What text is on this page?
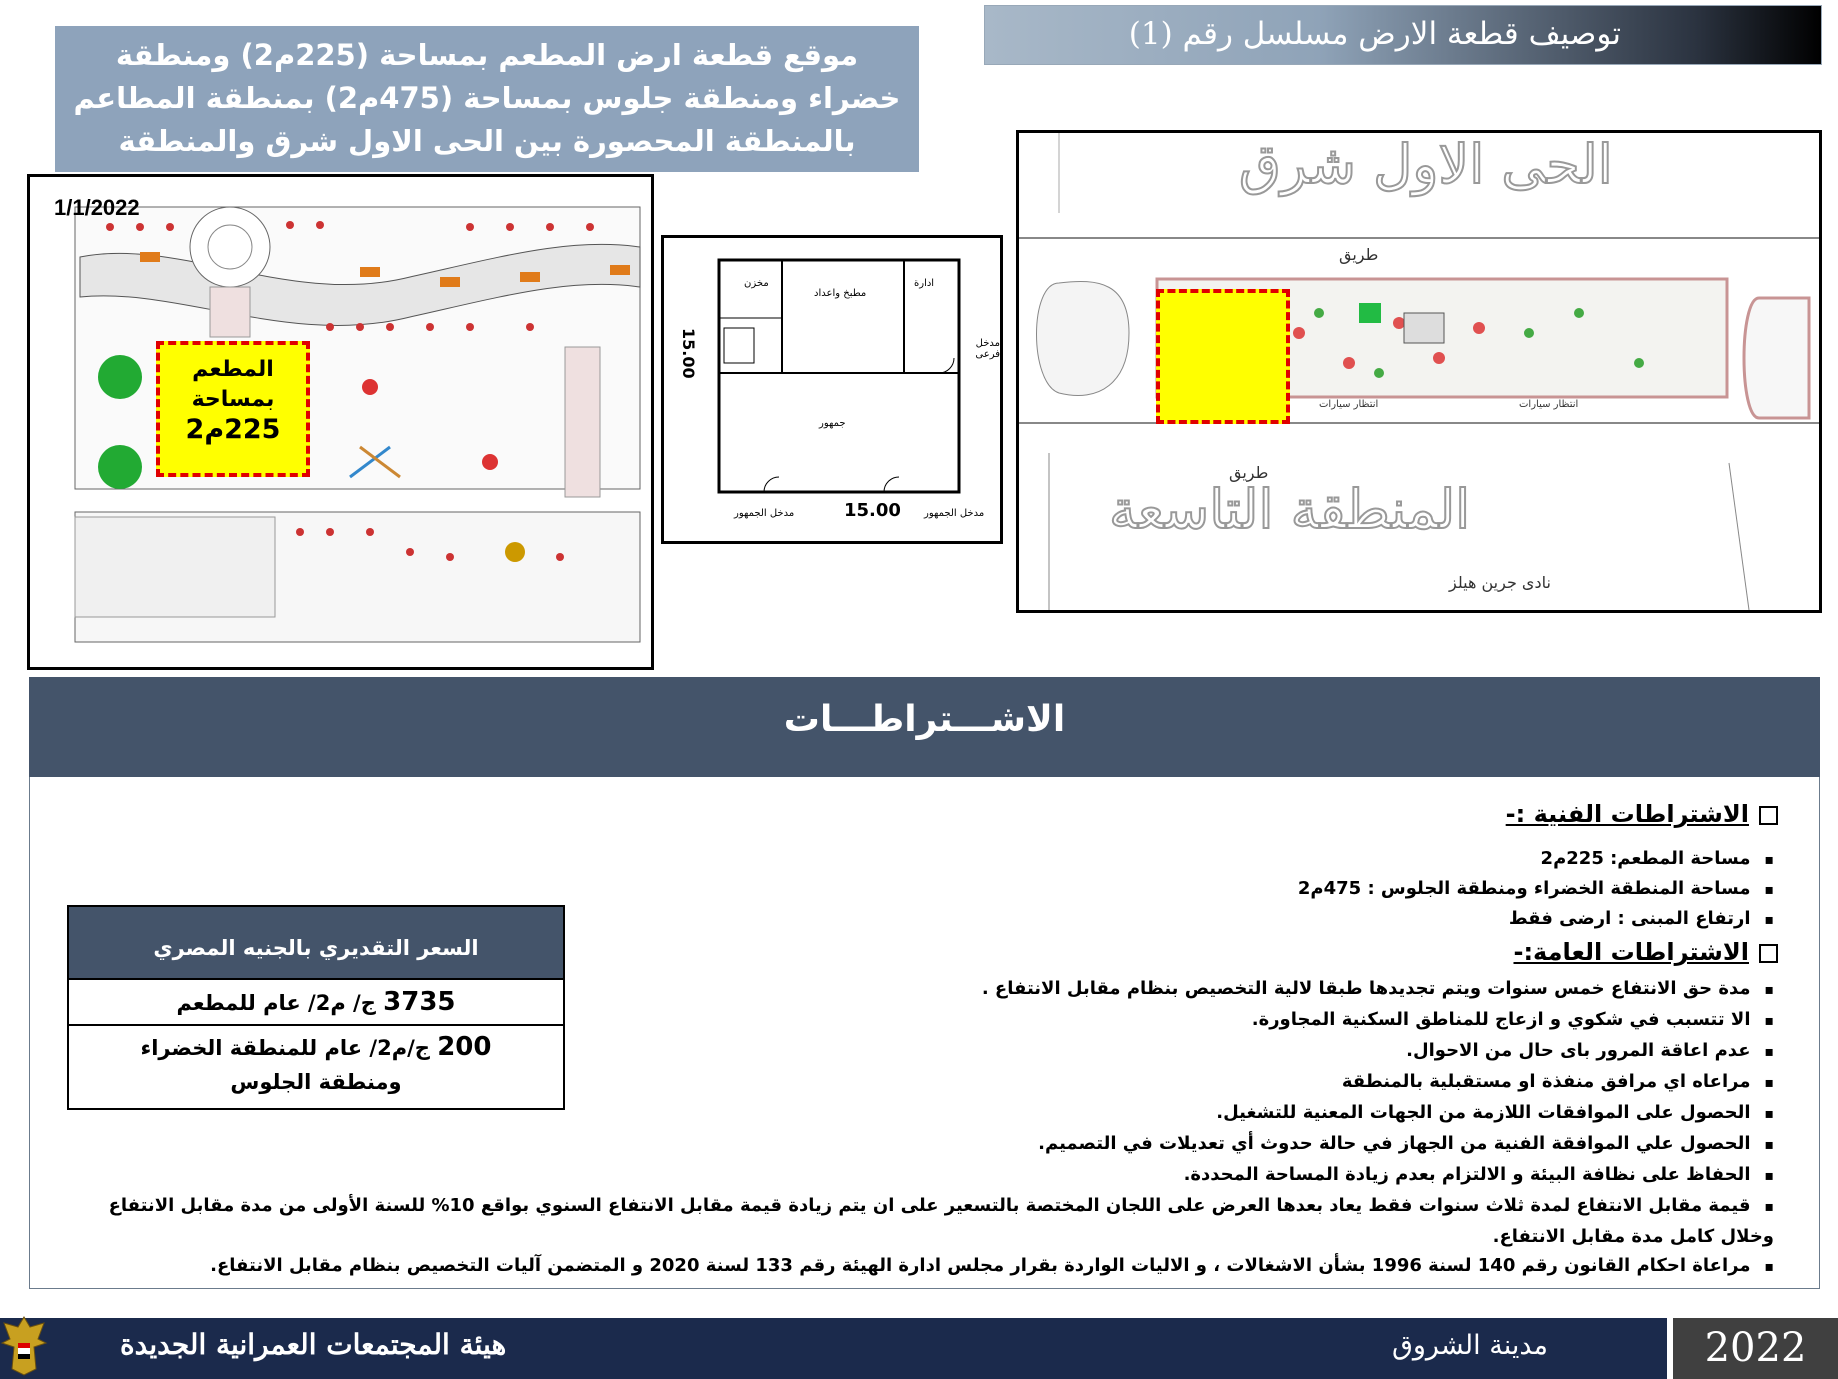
توصيف قطعة الارض مسلسل رقم (1)

موقع قطعة ارض المطعم بمساحة (225م2) ومنطقة خضراء ومنطقة جلوس بمساحة (475م2) بمنطقة المطاعم بالمنطقة المحصورة بين الحى الاول شرق والمنطقة

1/1/2022
المطعم
بمساحة
225م2
15.00
15.00
مخزن
مطبخ واعداد
ادارة
جمهور
مدخل الجمهور	مدخل الجمهور
مدخل فرعى
الحى الاول شرق
المنطقة التاسعة
طريق
طريق
نادى جرين هيلز
انتظار سيارات	انتظار سيارات
الاشـــتراطـــات
الاشتراطات الفنية :-
▪ مساحة المطعم: 225م2
▪ مساحة المنطقة الخضراء ومنطقة الجلوس : 475م2
▪ ارتفاع المبنى : ارضى فقط
الاشتراطات العامة:-
▪ مدة حق الانتفاع خمس سنوات ويتم تجديدها طبقا لالية التخصيص بنظام مقابل الانتفاع .
▪ الا تتسبب في شكوي و ازعاج للمناطق السكنية المجاورة.
▪ عدم اعاقة المرور باى حال من الاحوال.
▪ مراعاه اي مرافق منفذة او مستقبلية بالمنطقة
▪ الحصول على الموافقات اللازمة من الجهات المعنية للتشغيل.
▪ الحصول علي الموافقة الفنية من الجهاز في حالة حدوث أي تعديلات في التصميم.
▪ الحفاظ على نظافة البيئة و الالتزام بعدم زيادة المساحة المحددة.
▪ قيمة مقابل الانتفاع لمدة ثلاث سنوات فقط يعاد بعدها العرض على اللجان المختصة بالتسعير على ان يتم زيادة قيمة مقابل الانتفاع السنوي بواقع 10% للسنة الأولى من مدة مقابل الانتفاع وخلال كامل مدة مقابل الانتفاع.
▪ مراعاة احكام القانون رقم 140 لسنة 1996 بشأن الاشغالات ، و الاليات الواردة بقرار مجلس ادارة الهيئة رقم 133 لسنة 2020 و المتضمن آليات التخصيص بنظام مقابل الانتفاع.
السعر التقديري بالجنيه المصري
3735 ج/ م2/ عام للمطعم
200 ج/م2/ عام للمنطقة الخضراء ومنطقة الجلوس
2022
مدينة الشروق
هيئة المجتمعات العمرانية الجديدة
